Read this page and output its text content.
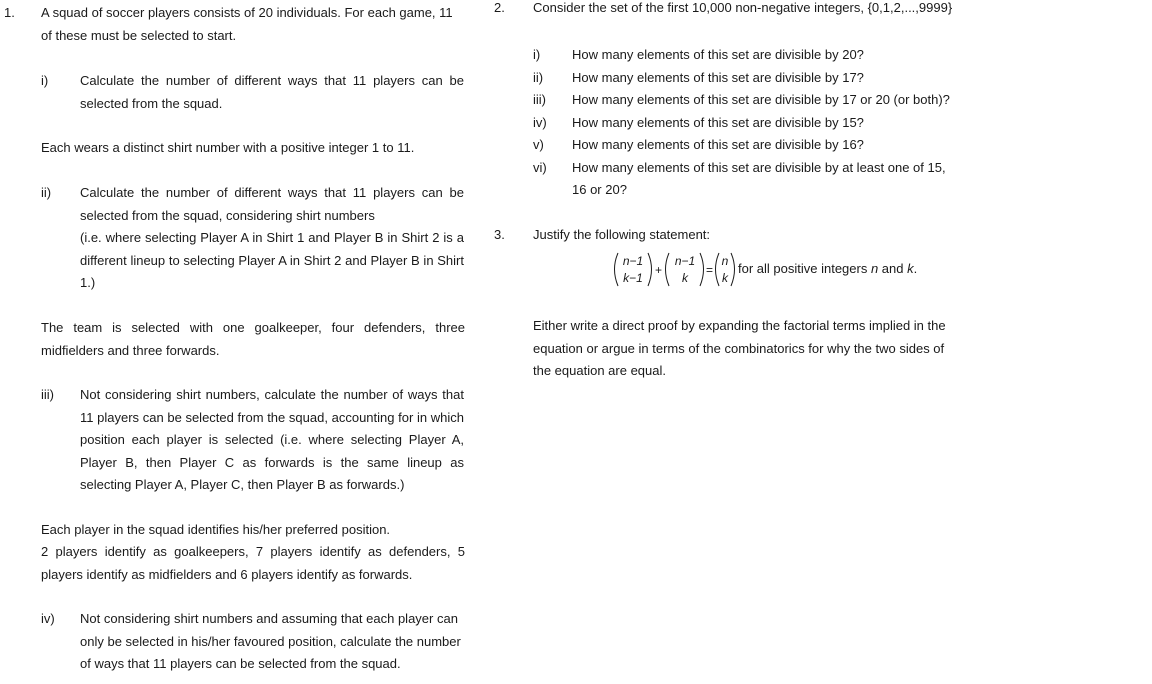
1. A squad of soccer players consists of 20 individuals. For each game, 11 of these must be selected to start.
i) Calculate the number of different ways that 11 players can be selected from the squad.
Each wears a distinct shirt number with a positive integer 1 to 11.
ii) Calculate the number of different ways that 11 players can be selected from the squad, considering shirt numbers
(i.e. where selecting Player A in Shirt 1 and Player B in Shirt 2 is a different lineup to selecting Player A in Shirt 2 and Player B in Shirt 1.)
The team is selected with one goalkeeper, four defenders, three midfielders and three forwards.
iii) Not considering shirt numbers, calculate the number of ways that 11 players can be selected from the squad, accounting for in which position each player is selected (i.e. where selecting Player A, Player B, then Player C as forwards is the same lineup as selecting Player A, Player C, then Player B as forwards.)
Each player in the squad identifies his/her preferred position.
2 players identify as goalkeepers, 7 players identify as defenders, 5 players identify as midfielders and 6 players identify as forwards.
iv) Not considering shirt numbers and assuming that each player can only be selected in his/her favoured position, calculate the number of ways that 11 players can be selected from the squad.
2. Consider the set of the first 10,000 non-negative integers, {0,1,2,...,9999}
i)	How many elements of this set are divisible by 20?
ii)	How many elements of this set are divisible by 17?
iii)	How many elements of this set are divisible by 17 or 20 (or both)?
iv)	How many elements of this set are divisible by 15?
v)	How many elements of this set are divisible by 16?
vi)	How many elements of this set are divisible by at least one of 15, 16 or 20?
3. Justify the following statement:
n−1
k−1
+
n−1
k
=
n
k
for all positive integers n and k.
Either write a direct proof by expanding the factorial terms implied in the equation or argue in terms of the combinatorics for why the two sides of the equation are equal.
